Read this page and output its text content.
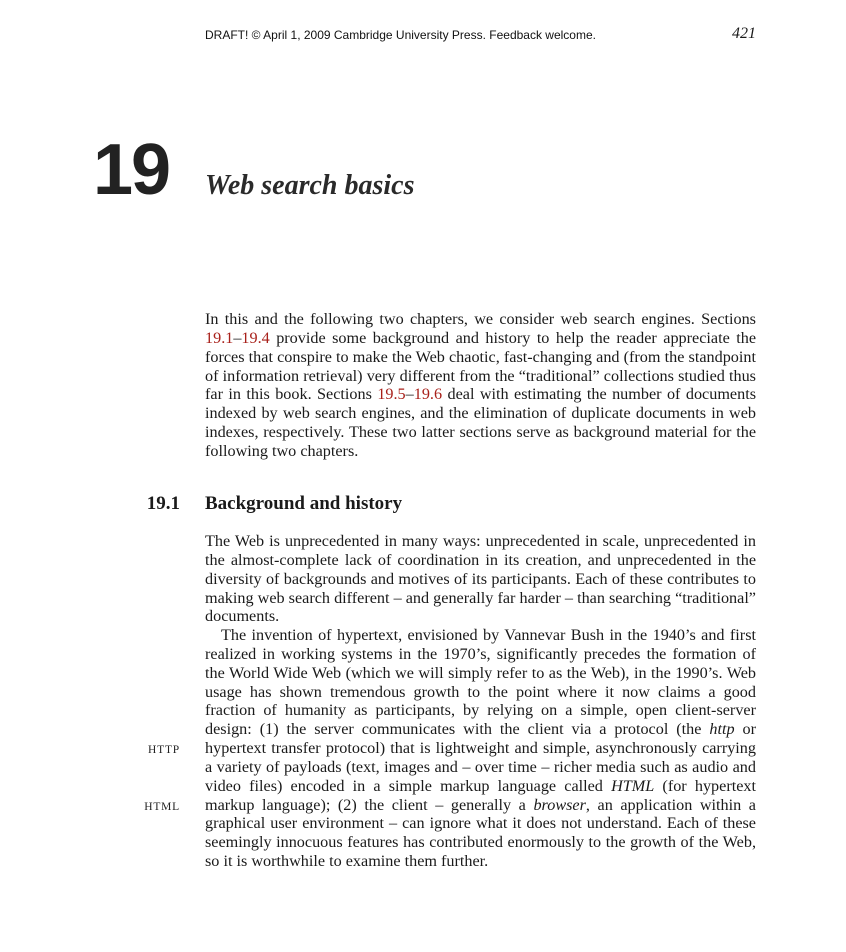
DRAFT! © April 1, 2009 Cambridge University Press. Feedback welcome.	421
19 Web search basics
In this and the following two chapters, we consider web search engines. Sections 19.1–19.4 provide some background and history to help the reader appreciate the forces that conspire to make the Web chaotic, fast-changing and (from the standpoint of information retrieval) very different from the “traditional” collections studied thus far in this book. Sections 19.5–19.6 deal with estimating the number of documents indexed by web search engines, and the elimination of duplicate documents in web indexes, respectively. These two latter sections serve as background material for the following two chapters.
19.1 Background and history
The Web is unprecedented in many ways: unprecedented in scale, unprecedented in the almost-complete lack of coordination in its creation, and unprecedented in the diversity of backgrounds and motives of its participants. Each of these contributes to making web search different – and generally far harder – than searching “traditional” documents.
The invention of hypertext, envisioned by Vannevar Bush in the 1940’s and first realized in working systems in the 1970’s, significantly precedes the formation of the World Wide Web (which we will simply refer to as the Web), in the 1990’s. Web usage has shown tremendous growth to the point where it now claims a good fraction of humanity as participants, by relying on a simple, open client-server design: (1) the server communicates with the client via a protocol (the http or hypertext transfer protocol) that is lightweight and simple, asynchronously carrying a variety of payloads (text, images and – over time – richer media such as audio and video files) encoded in a simple markup language called HTML (for hypertext markup language); (2) the client – generally a browser, an application within a graphical user environment – can ignore what it does not understand. Each of these seemingly innocuous features has contributed enormously to the growth of the Web, so it is worthwhile to examine them further.
HTTP
HTML
